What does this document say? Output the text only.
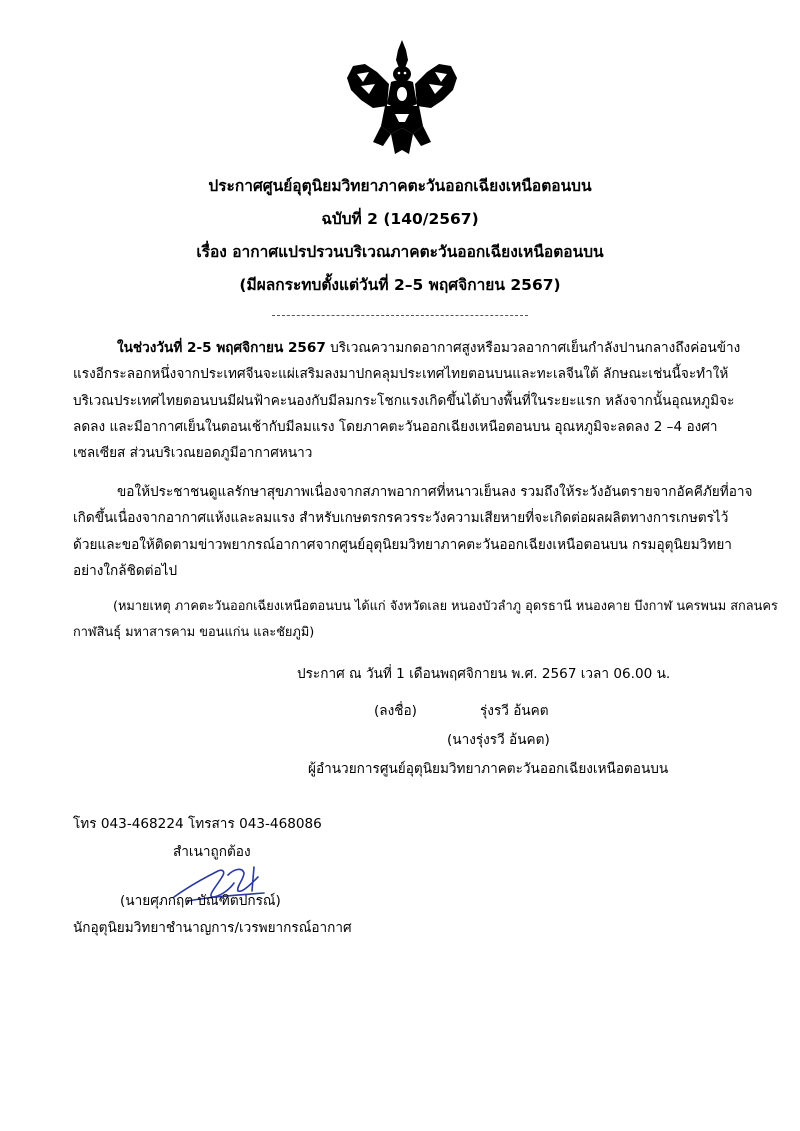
ประกาศศูนย์อุตุนิยมวิทยาภาคตะวันออกเฉียงเหนือตอนบน
ฉบับที่ 2 (140/2567)
เรื่อง อากาศแปรปรวนบริเวณภาคตะวันออกเฉียงเหนือตอนบน
(มีผลกระทบตั้งแต่วันที่ 2–5 พฤศจิกายน 2567)
ในช่วงวันที่ 2-5 พฤศจิกายน 2567 บริเวณความกดอากาศสูงหรือมวลอากาศเย็นกำลังปานกลางถึงค่อนข้าง
แรงอีกระลอกหนึ่งจากประเทศจีนจะแผ่เสริมลงมาปกคลุมประเทศไทยตอนบนและทะเลจีนใต้ ลักษณะเช่นนี้จะทำให้
บริเวณประเทศไทยตอนบนมีฝนฟ้าคะนองกับมีลมกระโชกแรงเกิดขึ้นได้บางพื้นที่ในระยะแรก หลังจากนั้นอุณหภูมิจะ
ลดลง และมีอากาศเย็นในตอนเช้ากับมีลมแรง โดยภาคตะวันออกเฉียงเหนือตอนบน อุณหภูมิจะลดลง 2 –4 องศา
เซลเซียส ส่วนบริเวณยอดภูมีอากาศหนาว
ขอให้ประชาชนดูแลรักษาสุขภาพเนื่องจากสภาพอากาศที่หนาวเย็นลง รวมถึงให้ระวังอันตรายจากอัคคีภัยที่อาจ
เกิดขึ้นเนื่องจากอากาศแห้งและลมแรง สำหรับเกษตรกรควรระวังความเสียหายที่จะเกิดต่อผลผลิตทางการเกษตรไว้
ด้วยและขอให้ติดตามข่าวพยากรณ์อากาศจากศูนย์อุตุนิยมวิทยาภาคตะวันออกเฉียงเหนือตอนบน กรมอุตุนิยมวิทยา
อย่างใกล้ชิดต่อไป
(หมายเหตุ ภาคตะวันออกเฉียงเหนือตอนบน ได้แก่ จังหวัดเลย หนองบัวลำภู อุดรธานี หนองคาย บึงกาฬ นครพนม สกลนคร
กาฬสินธุ์ มหาสารคาม ขอนแก่น และชัยภูมิ)
ประกาศ ณ วันที่ 1 เดือนพฤศจิกายน พ.ศ. 2567 เวลา 06.00 น.
(ลงชื่อ)	รุ่งรวี อ้นคต
(นางรุ่งรวี อ้นคต)
ผู้อำนวยการศูนย์อุตุนิยมวิทยาภาคตะวันออกเฉียงเหนือตอนบน
โทร 043-468224 โทรสาร 043-468086
สำเนาถูกต้อง
(นายศุภกฤต บัณฑิตปกรณ์)
นักอุตุนิยมวิทยาชำนาญการ/เวรพยากรณ์อากาศ
